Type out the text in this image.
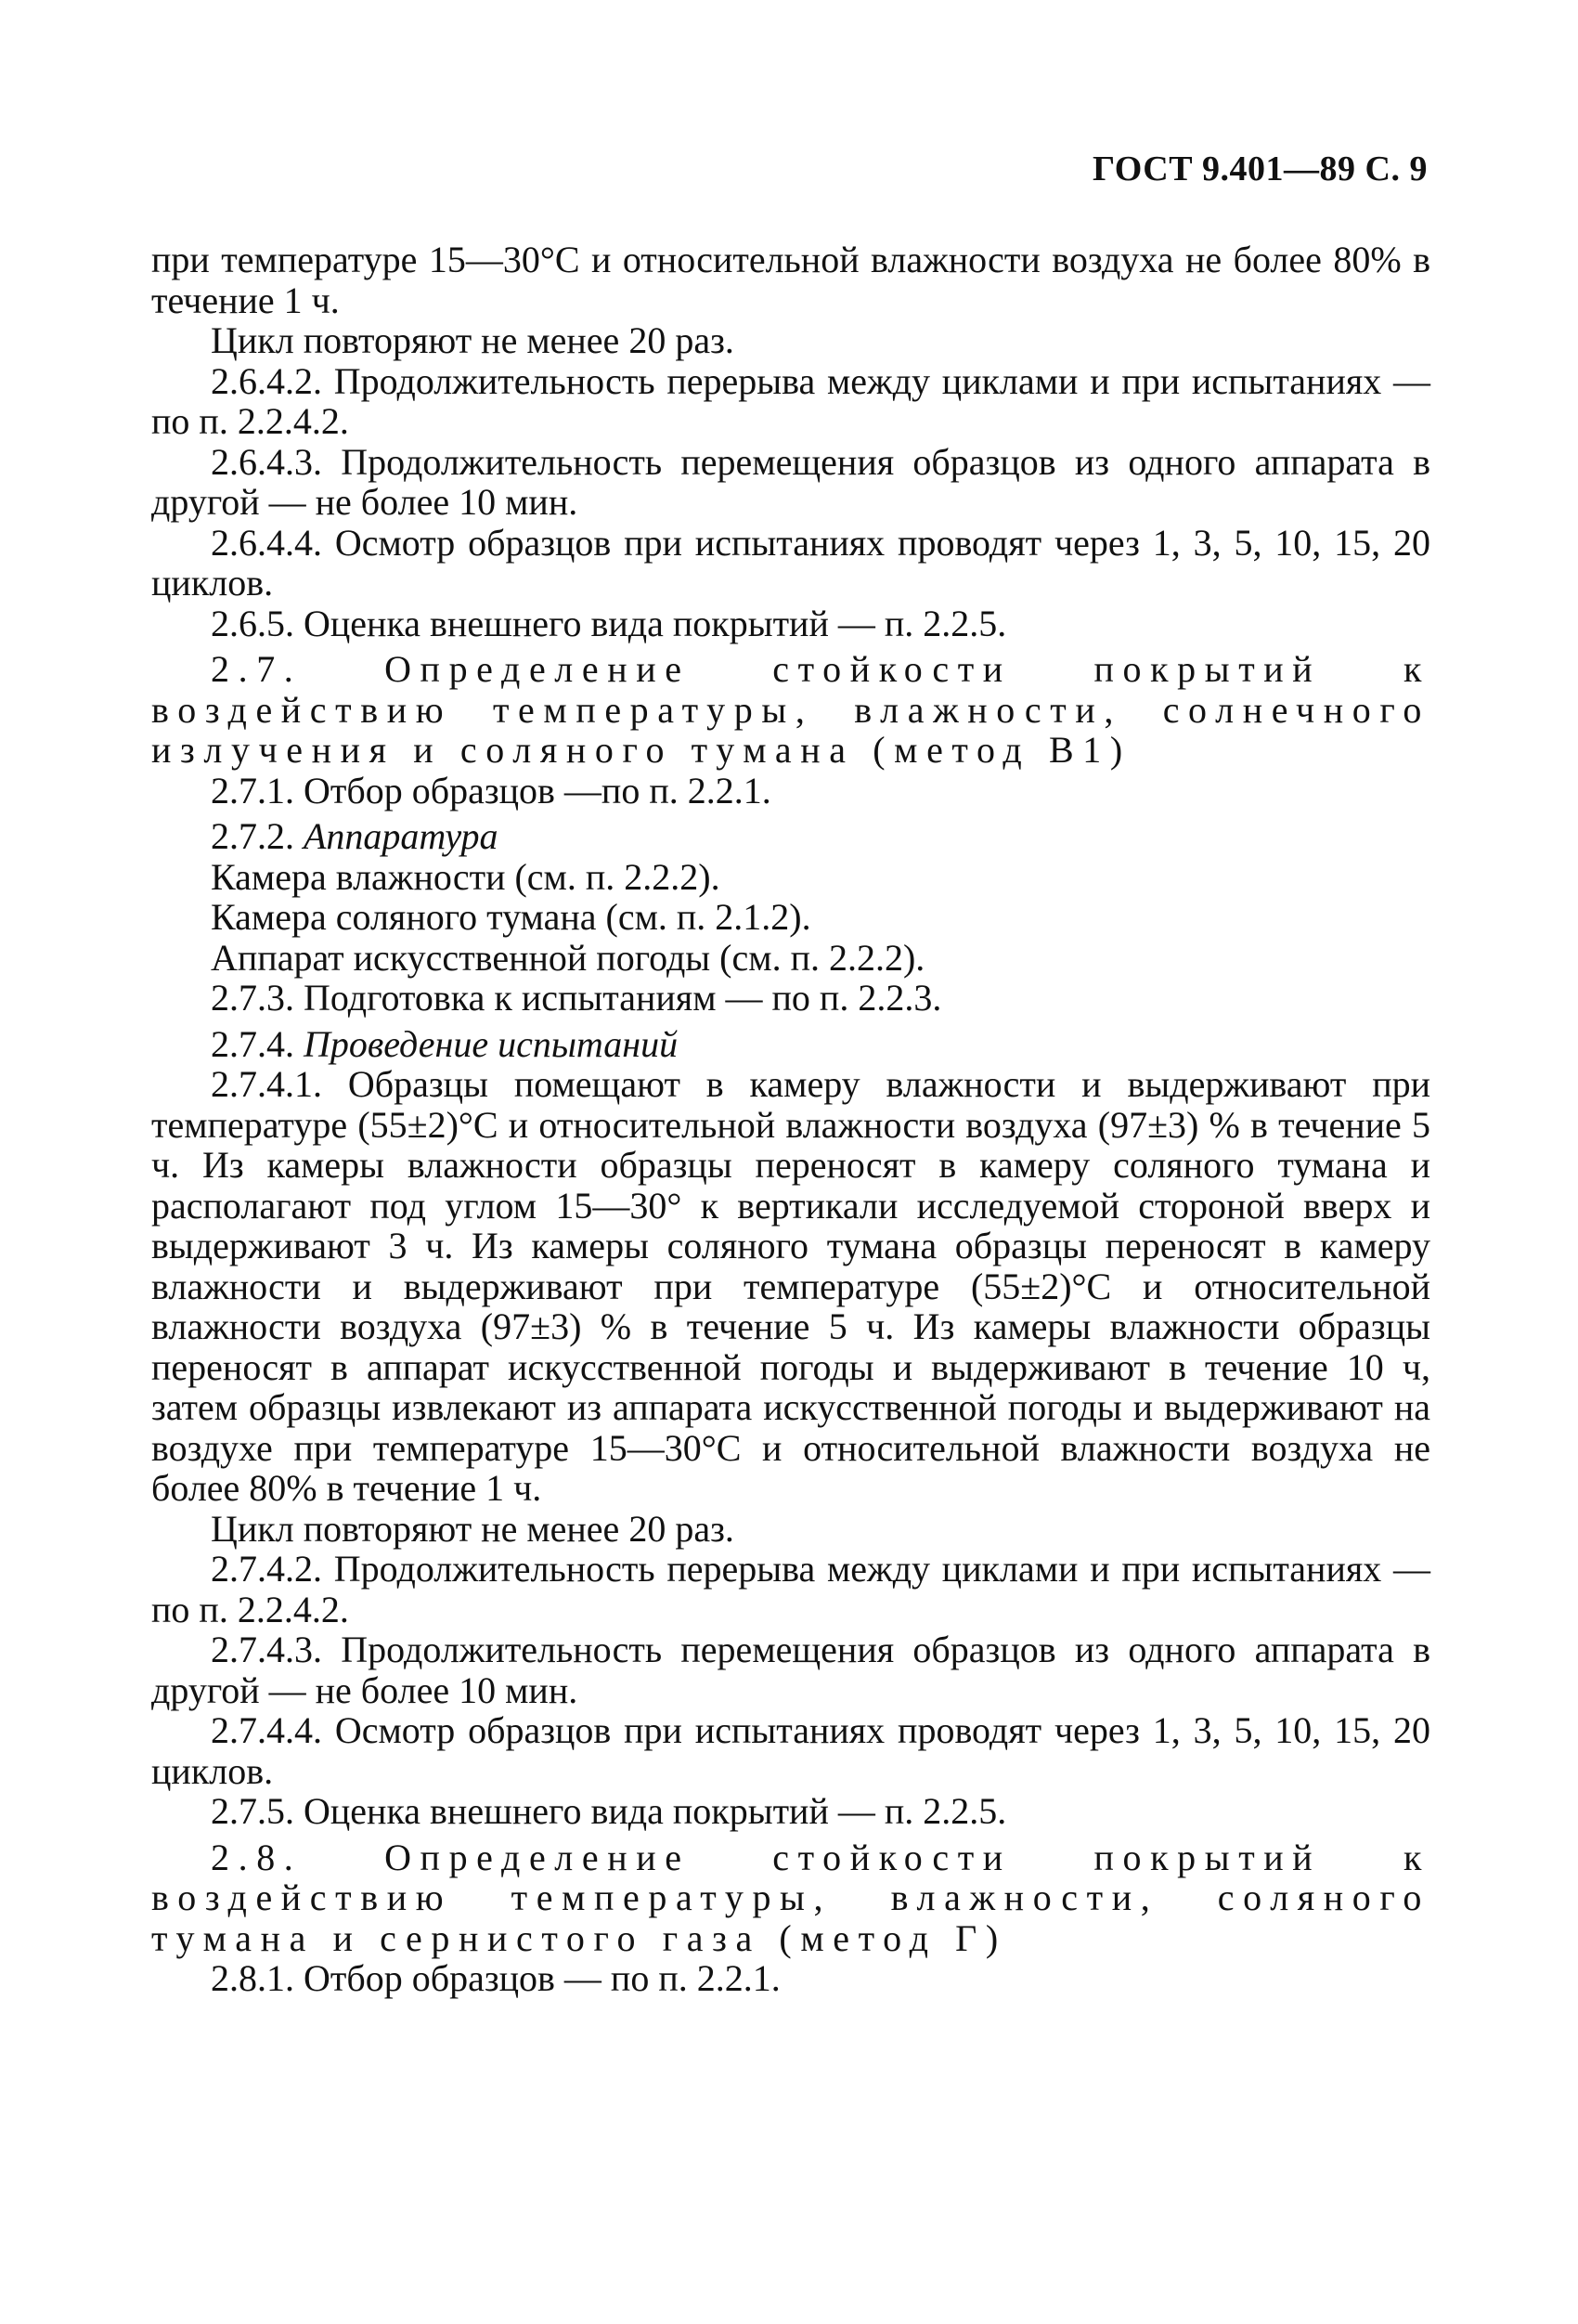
ГОСТ 9.401—89 С. 9

при температуре 15—30°С и относительной влажности воздуха не более 80% в течение 1 ч.

Цикл повторяют не менее 20 раз.

2.6.4.2. Продолжительность перерыва между циклами и при испытаниях — по п. 2.2.4.2.

2.6.4.3. Продолжительность перемещения образцов из одного аппарата в другой — не более 10 мин.

2.6.4.4. Осмотр образцов при испытаниях проводят через 1, 3, 5, 10, 15, 20 циклов.

2.6.5. Оценка внешнего вида покрытий — п. 2.2.5.

2.7. Определение стойкости покрытий к воздействию температуры, влажности, солнечного излучения и соляного тумана (метод В1)

2.7.1. Отбор образцов —по п. 2.2.1.

2.7.2. Аппаратура

Камера влажности (см. п. 2.2.2).

Камера соляного тумана (см. п. 2.1.2).

Аппарат искусственной погоды (см. п. 2.2.2).

2.7.3. Подготовка к испытаниям — по п. 2.2.3.

2.7.4. Проведение испытаний

2.7.4.1. Образцы помещают в камеру влажности и выдерживают при температуре (55±2)°С и относительной влажности воздуха (97±3) % в течение 5 ч. Из камеры влажности образцы переносят в камеру соляного тумана и располагают под углом 15—30° к вертикали исследуемой стороной вверх и выдерживают 3 ч. Из камеры соляного тумана образцы переносят в камеру влажности и выдерживают при температуре (55±2)°С и относительной влажности воздуха (97±3) % в течение 5 ч. Из камеры влажности образцы переносят в аппарат искусственной погоды и выдерживают в течение 10 ч, затем образцы извлекают из аппарата искусственной погоды и выдерживают на воздухе при температуре 15—30°С и относительной влажности воздуха не более 80% в течение 1 ч.

Цикл повторяют не менее 20 раз.

2.7.4.2. Продолжительность перерыва между циклами и при испытаниях — по п. 2.2.4.2.

2.7.4.3. Продолжительность перемещения образцов из одного аппарата в другой — не более 10 мин.

2.7.4.4. Осмотр образцов при испытаниях проводят через 1, 3, 5, 10, 15, 20 циклов.

2.7.5. Оценка внешнего вида покрытий — п. 2.2.5.

2.8. Определение стойкости покрытий к воздействию температуры, влажности, соляного тумана и сернистого газа (метод Г)

2.8.1. Отбор образцов — по п. 2.2.1.
